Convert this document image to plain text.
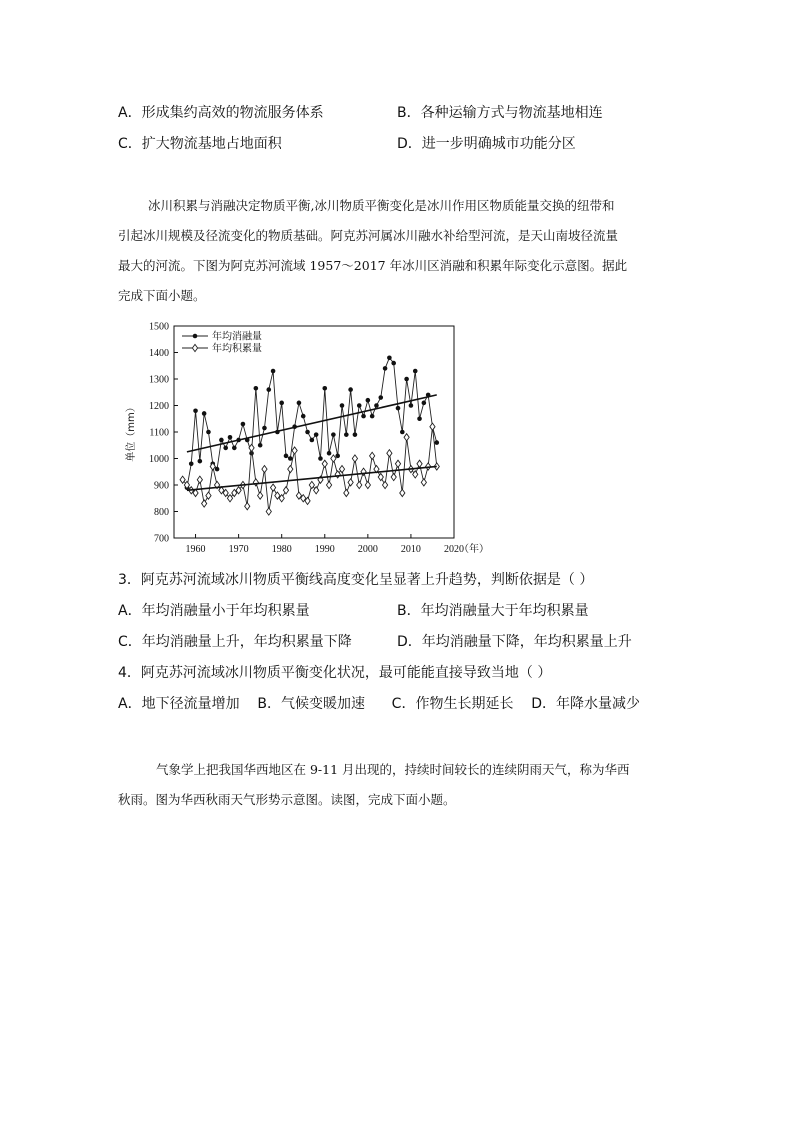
A．形成集约高效的物流服务体系	B．各种运输方式与物流基地相连
C．扩大物流基地占地面积	D．进一步明确城市功能分区

冰川积累与消融决定物质平衡,冰川物质平衡变化是冰川作用区物质能量交换的纽带和

引起冰川规模及径流变化的物质基础。阿克苏河属冰川融水补给型河流，是天山南坡径流量

最大的河流。下图为阿克苏河流域 1957～2017 年冰川区消融和积累年际变化示意图。据此

完成下面小题。

700
800
900
1000
1100
1200
1300
1400
1500
1960 1970 1980 1990 2000 2010 2020
（年）
单位（mm）
年均消融量
年均积累量
3．阿克苏河流域冰川物质平衡线高度变化呈显著上升趋势，判断依据是（ ）
A．年均消融量小于年均积累量	B．年均消融量大于年均积累量
C．年均消融量上升，年均积累量下降	D．年均消融量下降，年均积累量上升
4．阿克苏河流域冰川物质平衡变化状况，最可能能直接导致当地（ ）
A．地下径流量增加    B．气候变暖加速      C．作物生长期延长    D．年降水量减少

气象学上把我国华西地区在 9-11 月出现的，持续时间较长的连续阴雨天气，称为华西

秋雨。图为华西秋雨天气形势示意图。读图，完成下面小题。
